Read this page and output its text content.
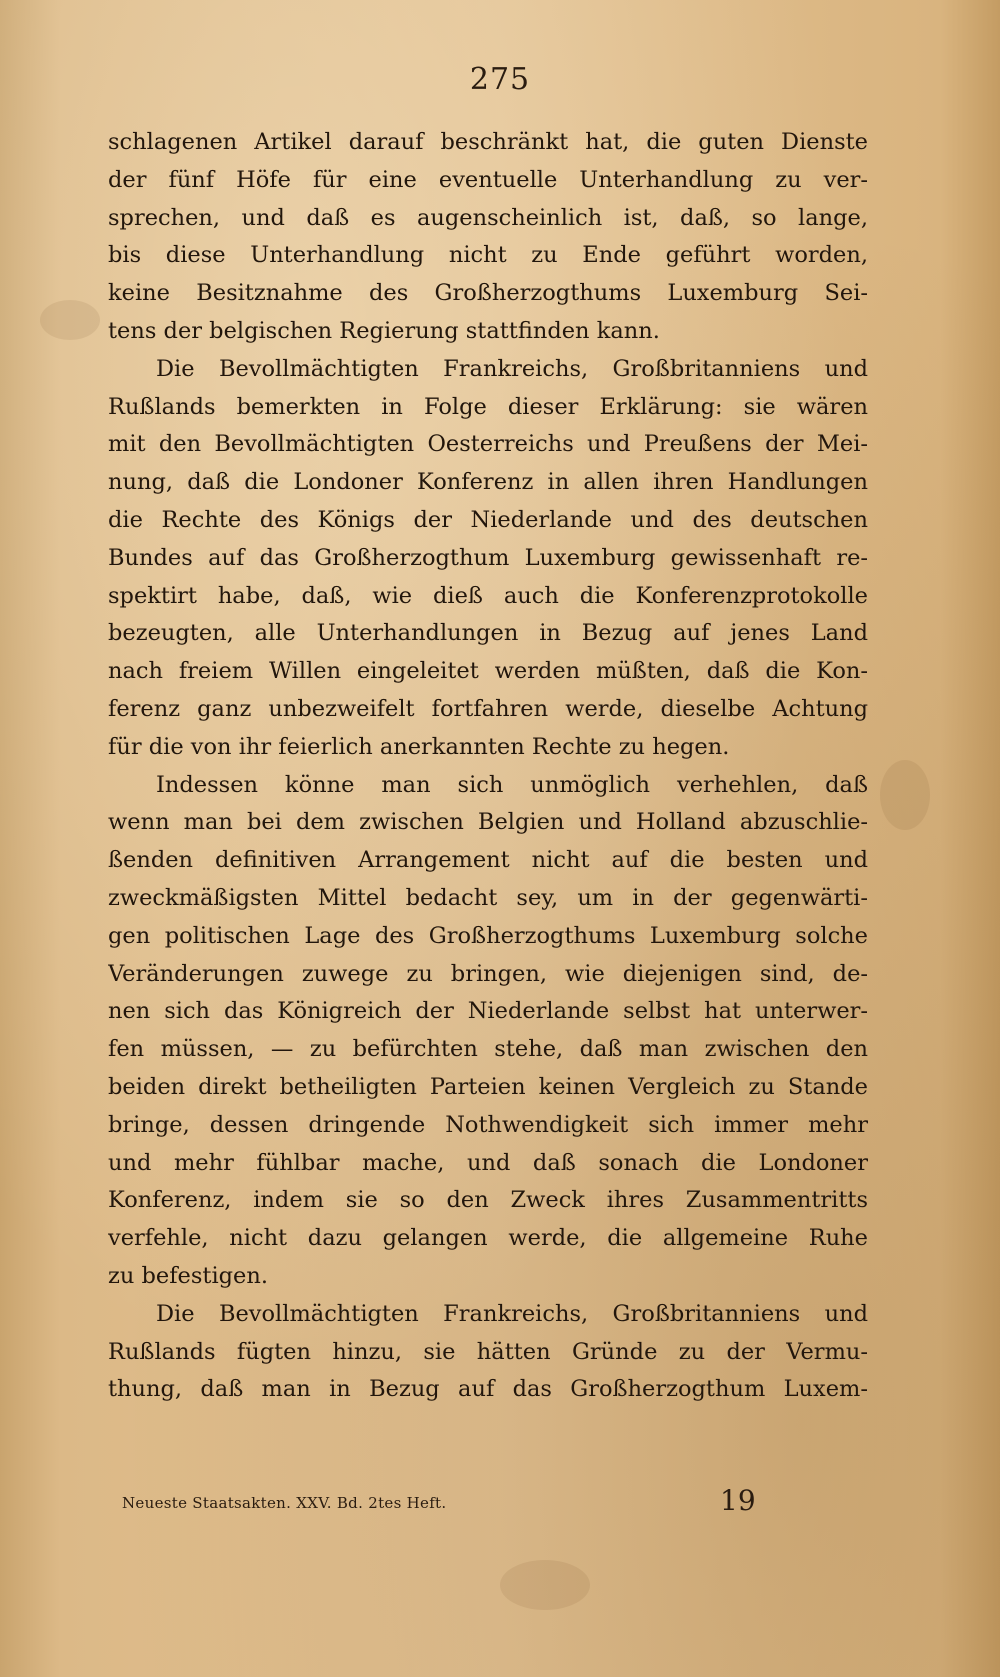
275
schlagenen Artikel darauf beschränkt hat, die guten Dienste
der fünf Höfe für eine eventuelle Unterhandlung zu ver-
sprechen, und daß es augenscheinlich ist, daß, so lange,
bis diese Unterhandlung nicht zu Ende geführt worden,
keine Besitznahme des Großherzogthums Luxemburg Sei-
tens der belgischen Regierung stattfinden kann.
Die Bevollmächtigten Frankreichs, Großbritanniens und
Rußlands bemerkten in Folge dieser Erklärung: sie wären
mit den Bevollmächtigten Oesterreichs und Preußens der Mei-
nung, daß die Londoner Konferenz in allen ihren Handlungen
die Rechte des Königs der Niederlande und des deutschen
Bundes auf das Großherzogthum Luxemburg gewissenhaft re-
spektirt habe, daß, wie dieß auch die Konferenzprotokolle
bezeugten, alle Unterhandlungen in Bezug auf jenes Land
nach freiem Willen eingeleitet werden müßten, daß die Kon-
ferenz ganz unbezweifelt fortfahren werde, dieselbe Achtung
für die von ihr feierlich anerkannten Rechte zu hegen.
Indessen könne man sich unmöglich verhehlen, daß
wenn man bei dem zwischen Belgien und Holland abzuschlie-
ßenden definitiven Arrangement nicht auf die besten und
zweckmäßigsten Mittel bedacht sey, um in der gegenwärti-
gen politischen Lage des Großherzogthums Luxemburg solche
Veränderungen zuwege zu bringen, wie diejenigen sind, de-
nen sich das Königreich der Niederlande selbst hat unterwer-
fen müssen, — zu befürchten stehe, daß man zwischen den
beiden direkt betheiligten Parteien keinen Vergleich zu Stande
bringe, dessen dringende Nothwendigkeit sich immer mehr
und mehr fühlbar mache, und daß sonach die Londoner
Konferenz, indem sie so den Zweck ihres Zusammentritts
verfehle, nicht dazu gelangen werde, die allgemeine Ruhe
zu befestigen.
Die Bevollmächtigten Frankreichs, Großbritanniens und
Rußlands fügten hinzu, sie hätten Gründe zu der Vermu-
thung, daß man in Bezug auf das Großherzogthum Luxem-
Neueste Staatsakten. XXV. Bd. 2tes Heft.	19
